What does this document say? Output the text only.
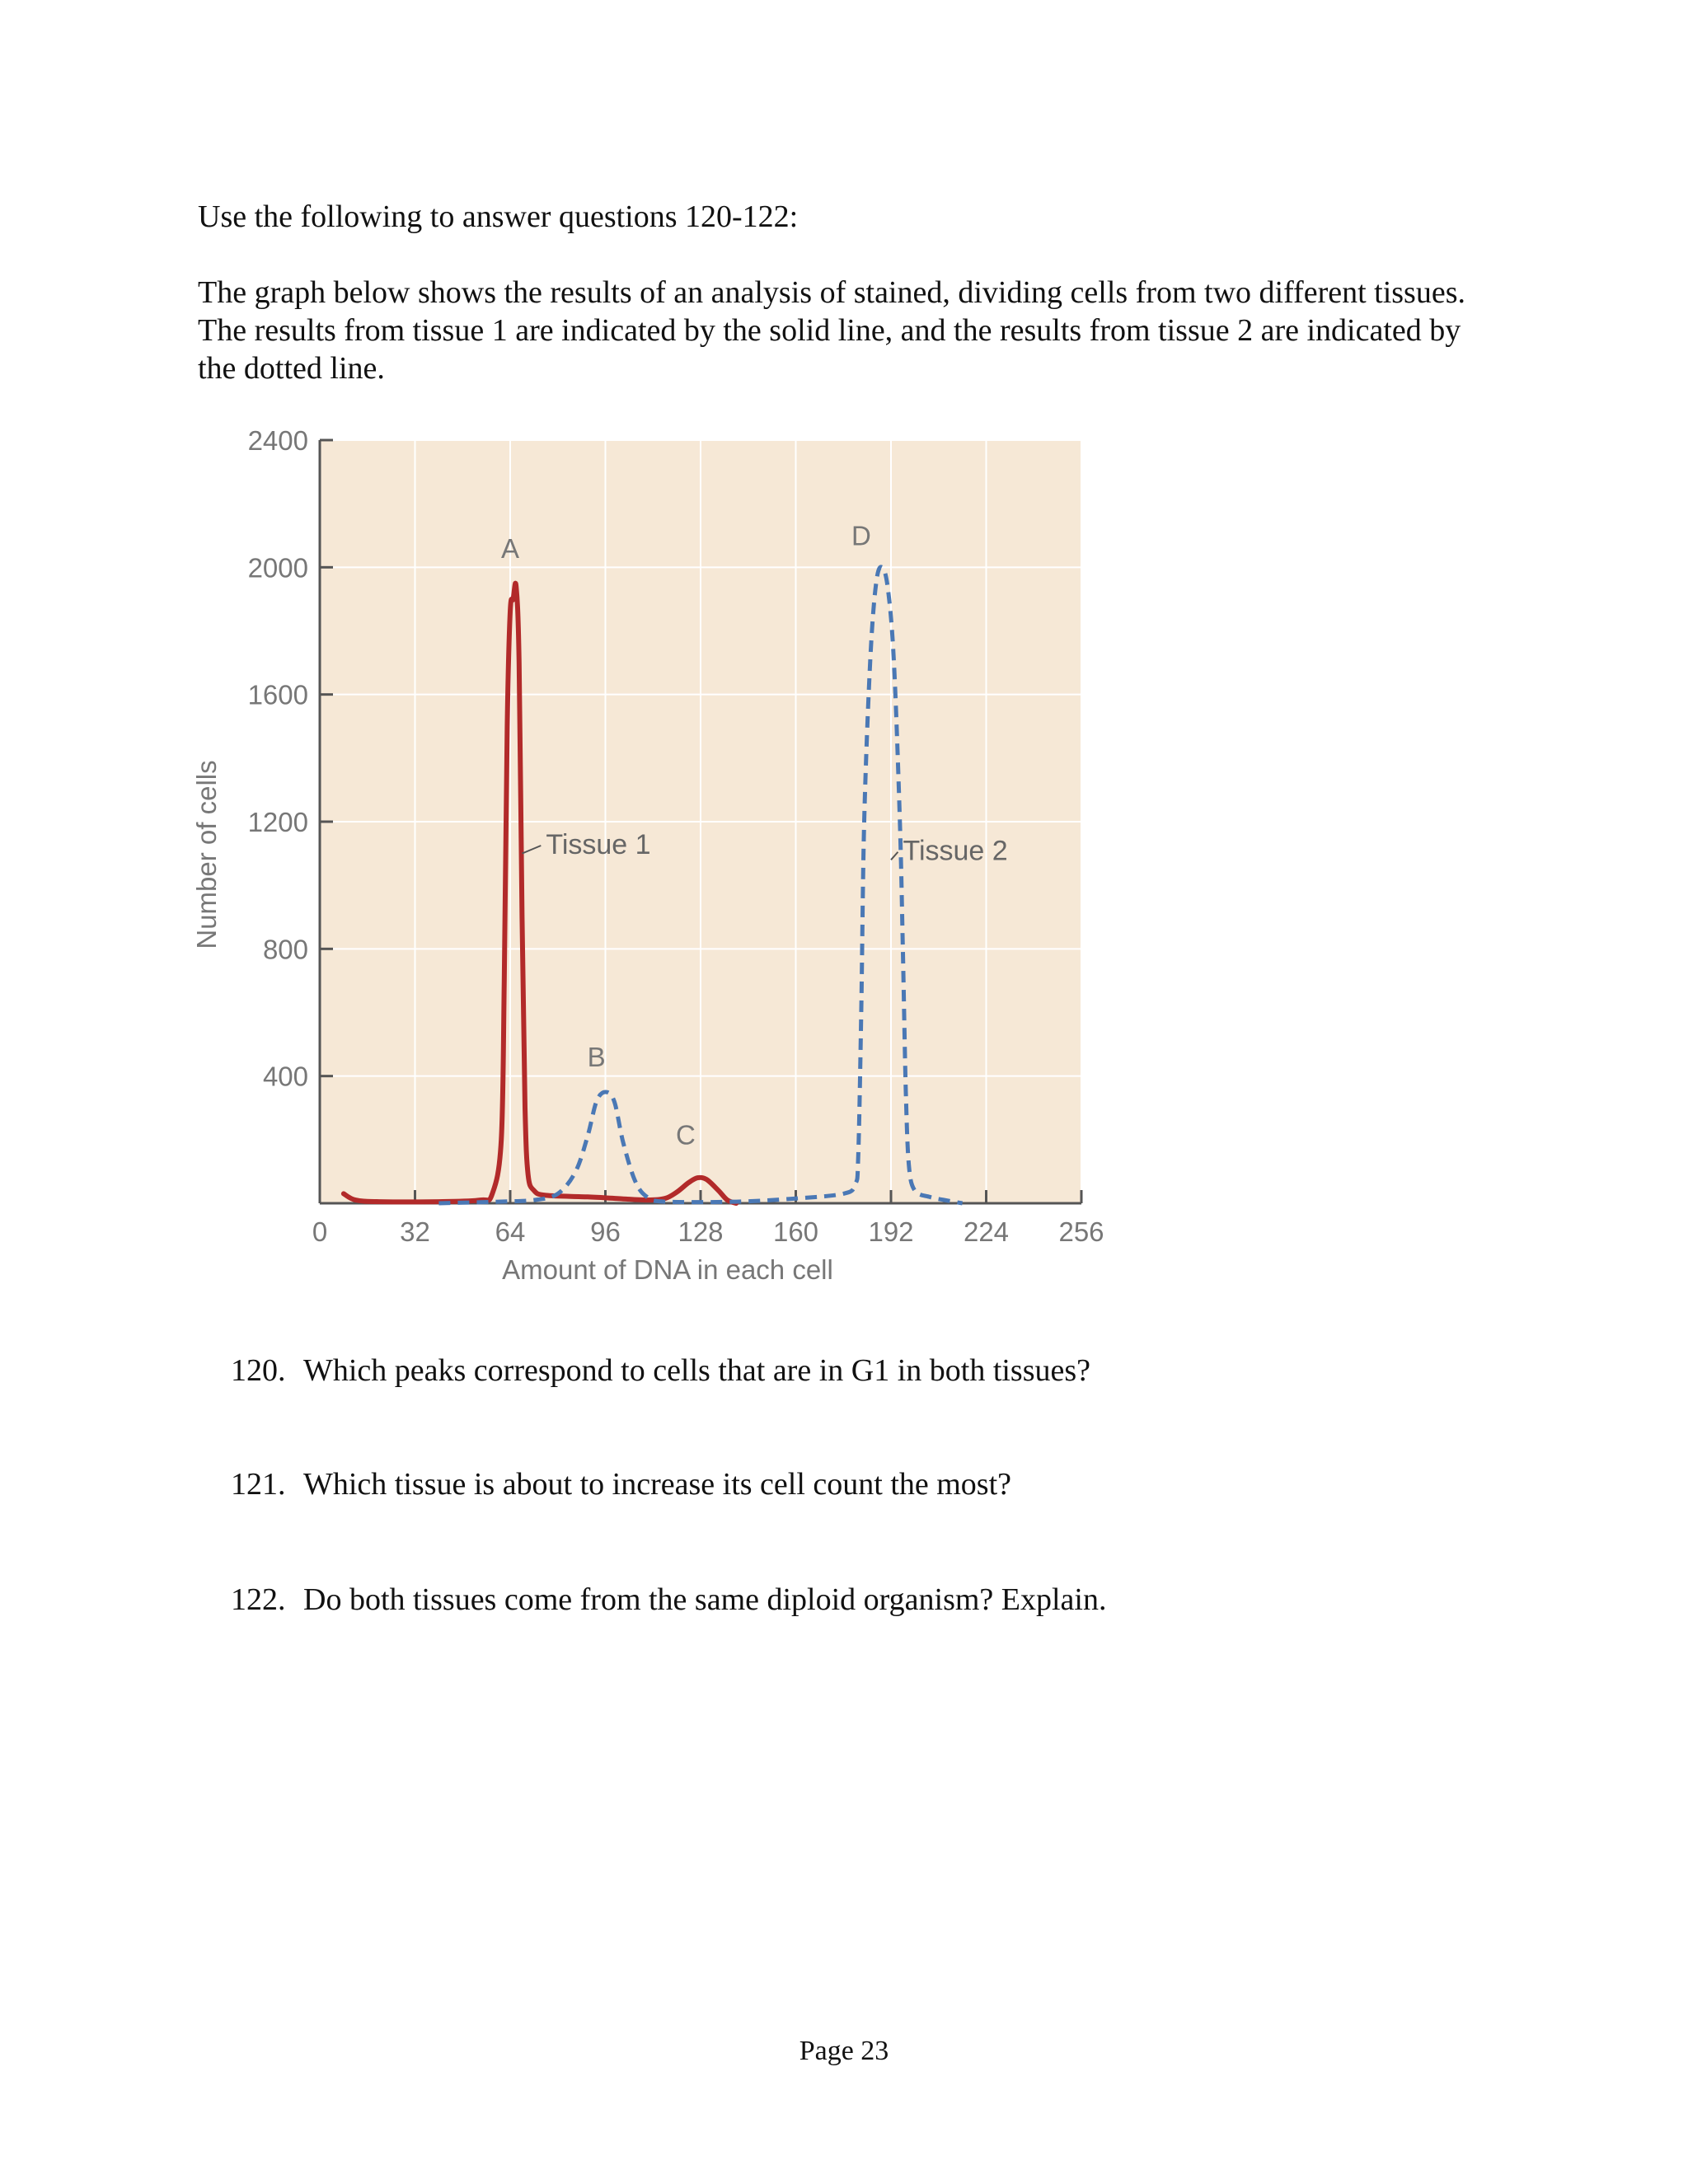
Use the following to answer questions 120-122:

The graph below shows the results of an analysis of stained, dividing cells from two different tissues. The results from tissue 1 are indicated by the solid line, and the results from tissue 2 are indicated by the dotted line.

400
800
1200
1600
2000
2400
0	32 64 96 128 160 192 224 256
Amount of DNA in each cell
Number of cells
A
B
C
D
Tissue 1	Tissue 2
120. Which peaks correspond to cells that are in G1 in both tissues?
121. Which tissue is about to increase its cell count the most?
122. Do both tissues come from the same diploid organism? Explain.
Page 23
